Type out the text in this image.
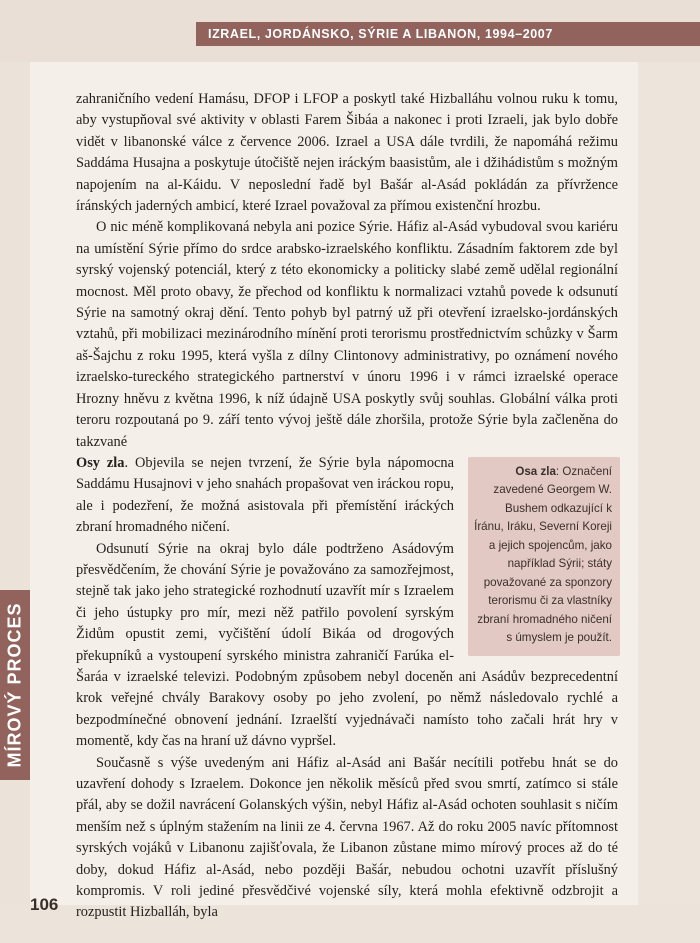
IZRAEL, JORDÁNSKO, SÝRIE A LIBANON, 1994–2007
MÍROVÝ PROCES

zahraničního vedení Hamásu, DFOP i LFOP a poskytl také Hizballáhu volnou ruku k tomu, aby vystupňoval své aktivity v oblasti Farem Šibáa a nakonec i proti Izraeli, jak bylo dobře vidět v libanonské válce z července 2006. Izrael a USA dále tvrdili, že napomáhá režimu Saddáma Husajna a poskytuje útočiště nejen iráckým baasistům, ale i džihádistům s možným napojením na al-Káidu. V neposlední řadě byl Bašár al-Asád pokládán za přívržence íránských jaderných ambicí, které Izrael považoval za přímou existenční hrozbu.

O nic méně komplikovaná nebyla ani pozice Sýrie. Háfiz al-Asád vybudoval svou kariéru na umístění Sýrie přímo do srdce arabsko-izraelského konfliktu. Zásadním faktorem zde byl syrský vojenský potenciál, který z této ekonomicky a politicky slabé země udělal regionální mocnost. Měl proto obavy, že přechod od konfliktu k normalizaci vztahů povede k odsunutí Sýrie na samotný okraj dění. Tento pohyb byl patrný už při otevření izraelsko-jordánských vztahů, při mobilizaci mezinárodního mínění proti terorismu prostřednictvím schůzky v Šarm aš-Šajchu z roku 1995, která vyšla z dílny Clintonovy administrativy, po oznámení nového izraelsko-tureckého strategického partnerství v únoru 1996 i v rámci izraelské operace Hrozny hněvu z května 1996, k níž údajně USA poskytly svůj souhlas. Globální válka proti teroru rozpoutaná po 9. září tento vývoj ještě dále zhoršila, protože Sýrie byla začleněna do takzvané

Osa zla: Označení zavedené Georgem W. Bushem odkazující k Íránu, Iráku, Severní Koreji a jejich spojencům, jako například Sýrii; státy považované za sponzory terorismu či za vlastníky zbraní hromadného ničení s úmyslem je použít.
Osy zla. Objevila se nejen tvrzení, že Sýrie byla nápomocna Saddámu Husajnovi v jeho snahách propašovat ven iráckou ropu, ale i podezření, že možná asistovala při přemístění iráckých zbraní hromadného ničení.

Odsunutí Sýrie na okraj bylo dále podtrženo Asádovým přesvědčením, že chování Sýrie je považováno za samozřejmost, stejně tak jako jeho strategické rozhodnutí uzavřít mír s Izraelem či jeho ústupky pro mír, mezi něž patřilo povolení syrským Židům opustit zemi, vyčištění údolí Bikáa od drogových překupníků a vystoupení syrského ministra zahraničí Farúka el-Šaráa v izraelské televizi. Podobným způsobem nebyl doceněn ani Asádův bezprecedentní krok veřejné chvály Barakovy osoby po jeho zvolení, po němž následovalo rychlé a bezpodmínečné obnovení jednání. Izraelští vyjednávači namísto toho začali hrát hry v momentě, kdy čas na hraní už dávno vypršel.

Současně s výše uvedeným ani Háfiz al-Asád ani Bašár necítili potřebu hnát se do uzavření dohody s Izraelem. Dokonce jen několik měsíců před svou smrtí, zatímco si stále přál, aby se dožil navrácení Golanských výšin, nebyl Háfiz al-Asád ochoten souhlasit s ničím menším než s úplným stažením na linii ze 4. června 1967. Až do roku 2005 navíc přítomnost syrských vojáků v Libanonu zajišťovala, že Libanon zůstane mimo mírový proces až do té doby, dokud Háfiz al-Asád, nebo později Bašár, nebudou ochotni uzavřít příslušný kompromis. V roli jediné přesvědčivé vojenské síly, která mohla efektivně odzbrojit a rozpustit Hizballáh, byla

106
